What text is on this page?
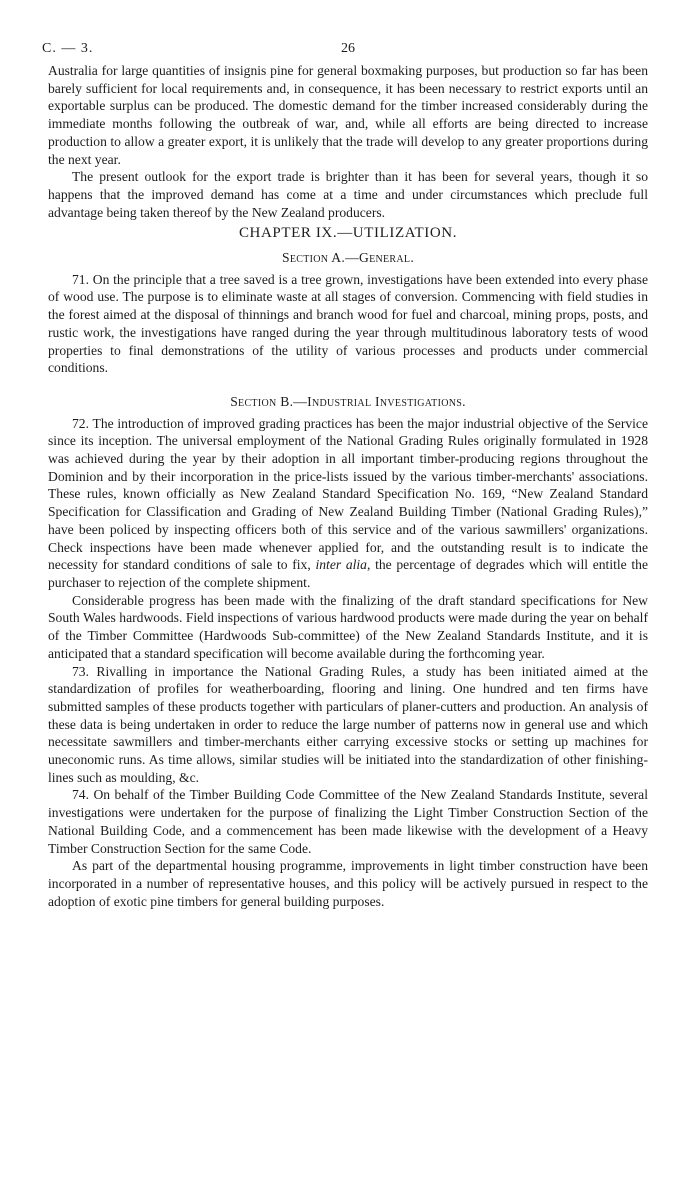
C. — 3.	26

Australia for large quantities of insignis pine for general boxmaking purposes, but production so far has been barely sufficient for local requirements and, in consequence, it has been necessary to restrict exports until an exportable surplus can be produced. The domestic demand for the timber increased considerably during the immediate months following the outbreak of war, and, while all efforts are being directed to increase production to allow a greater export, it is unlikely that the trade will develop to any greater proportions during the next year.

The present outlook for the export trade is brighter than it has been for several years, though it so happens that the improved demand has come at a time and under circumstances which preclude full advantage being taken thereof by the New Zealand producers.

CHAPTER IX.—UTILIZATION.
Section A.—General.

71. On the principle that a tree saved is a tree grown, investigations have been extended into every phase of wood use. The purpose is to eliminate waste at all stages of conversion. Commencing with field studies in the forest aimed at the disposal of thinnings and branch wood for fuel and charcoal, mining props, posts, and rustic work, the investigations have ranged during the year through multitudinous laboratory tests of wood properties to final demonstrations of the utility of various processes and products under commercial conditions.

Section B.—Industrial Investigations.

72. The introduction of improved grading practices has been the major industrial objective of the Service since its inception. The universal employment of the National Grading Rules originally formulated in 1928 was achieved during the year by their adoption in all important timber-producing regions throughout the Dominion and by their incorporation in the price-lists issued by the various timber-merchants' associations. These rules, known officially as New Zealand Standard Specification No. 169, “New Zealand Standard Specification for Classification and Grading of New Zealand Building Timber (National Grading Rules),” have been policed by inspecting officers both of this service and of the various sawmillers' organizations. Check inspections have been made whenever applied for, and the outstanding result is to indicate the necessity for standard conditions of sale to fix, inter alia, the percentage of degrades which will entitle the purchaser to rejection of the complete shipment.

Considerable progress has been made with the finalizing of the draft standard specifications for New South Wales hardwoods. Field inspections of various hardwood products were made during the year on behalf of the Timber Committee (Hardwoods Sub-committee) of the New Zealand Standards Institute, and it is anticipated that a standard specification will become available during the forthcoming year.

73. Rivalling in importance the National Grading Rules, a study has been initiated aimed at the standardization of profiles for weatherboarding, flooring and lining. One hundred and ten firms have submitted samples of these products together with particulars of planer-cutters and production. An analysis of these data is being undertaken in order to reduce the large number of patterns now in general use and which necessitate sawmillers and timber-merchants either carrying excessive stocks or setting up machines for uneconomic runs. As time allows, similar studies will be initiated into the standardization of other finishing-lines such as moulding, &c.

74. On behalf of the Timber Building Code Committee of the New Zealand Standards Institute, several investigations were undertaken for the purpose of finalizing the Light Timber Construction Section of the National Building Code, and a commencement has been made likewise with the development of a Heavy Timber Construction Section for the same Code.

As part of the departmental housing programme, improvements in light timber construction have been incorporated in a number of representative houses, and this policy will be actively pursued in respect to the adoption of exotic pine timbers for general building purposes.
